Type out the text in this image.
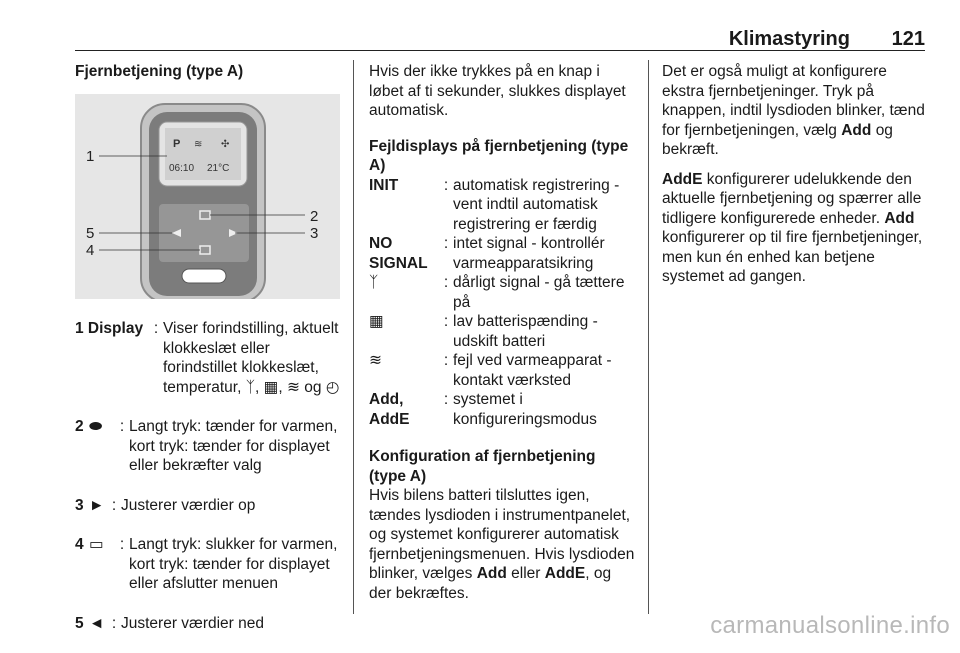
Klimastyring 121
Fjernbetjening (type A)
P ≋ ✣
06:10 21°C
1
2
3
4
5
1 Display : Viser forindstilling, aktuelt klokkeslæt eller forindstillet klokkeslæt, temperatur, ᛉ, ▦, ≋ og ◴
2 ⬬	: Langt tryk: tænder for varmen, kort tryk: tænder for displayet eller bekræfter valg
3 ► : Justerer værdier op
4 ▭	: Langt tryk: slukker for varmen, kort tryk: tænder for displayet eller afslutter menuen
5 ◄ : Justerer værdier ned

Hvis der ikke trykkes på en knap i løbet af ti sekunder, slukkes displayet automatisk.

Fejldisplays på fjernbetjening (type A)
INIT	: automatisk registrering - vent indtil automatisk registrering er færdig
NO SIGNAL
: intet signal - kontrollér varmeapparatsikring
ᛉ	: dårligt signal - gå tættere på
▦	: lav batterispænding - udskift batteri
≋	: fejl ved varmeapparat - kontakt værksted
Add, AddE
: systemet i konfigureringsmodus
Konfiguration af fjernbetjening (type A)

Hvis bilens batteri tilsluttes igen, tændes lysdioden i instrumentpanelet, og systemet konfigurerer automatisk fjernbetjeningsmenuen. Hvis lysdioden blinker, vælges Add eller AddE, og der bekræftes.

Det er også muligt at konfigurere ekstra fjernbetjeninger. Tryk på knappen, indtil lysdioden blinker, tænd for fjernbetjeningen, vælg Add og bekræft.

AddE konfigurerer udelukkende den aktuelle fjernbetjening og spærrer alle tidligere konfigurerede enheder. Add konfigurerer op til fire fjernbetjeninger, men kun én enhed kan betjene systemet ad gangen.

carmanualsonline.info
